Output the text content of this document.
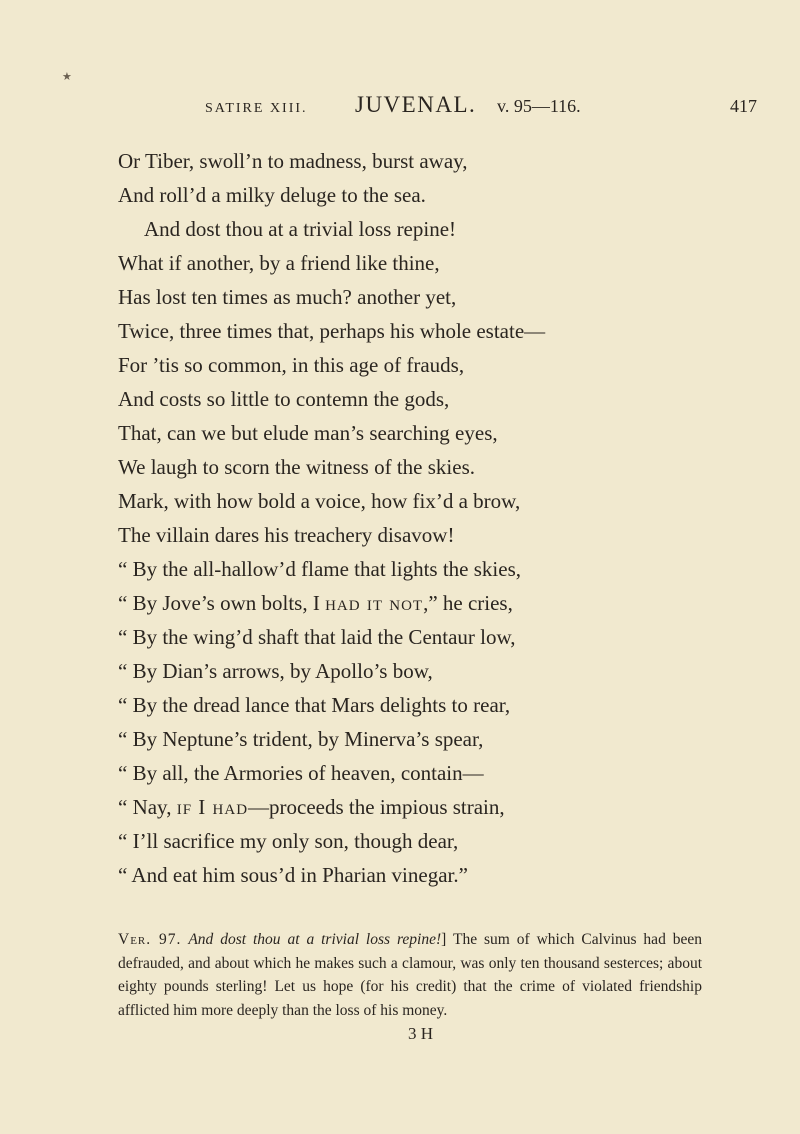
★
SATIRE XIII. JUVENAL. v. 95—116.	417
Or Tiber, swoll’n to madness, burst away,
And roll’d a milky deluge to the sea.
And dost thou at a trivial loss repine!
What if another, by a friend like thine,
Has lost ten times as much? another yet,
Twice, three times that, perhaps his whole estate—
For ’tis so common, in this age of frauds,
And costs so little to contemn the gods,
That, can we but elude man’s searching eyes,
We laugh to scorn the witness of the skies.
Mark, with how bold a voice, how fix’d a brow,
The villain dares his treachery disavow!
“ By the all-hallow’d flame that lights the skies,
“ By Jove’s own bolts, I had it not,” he cries,
“ By the wing’d shaft that laid the Centaur low,
“ By Dian’s arrows, by Apollo’s bow,
“ By the dread lance that Mars delights to rear,
“ By Neptune’s trident, by Minerva’s spear,
“ By all, the Armories of heaven, contain—
“ Nay, if I had—proceeds the impious strain,
“ I’ll sacrifice my only son, though dear,
“ And eat him sous’d in Pharian vinegar.”
Ver. 97. And dost thou at a trivial loss repine!] The sum of which Calvinus had been defrauded, and about which he makes such a clamour, was only ten thousand sesterces; about eighty pounds sterling! Let us hope (for his credit) that the crime of violated friendship afflicted him more deeply than the loss of his money.
3 H
